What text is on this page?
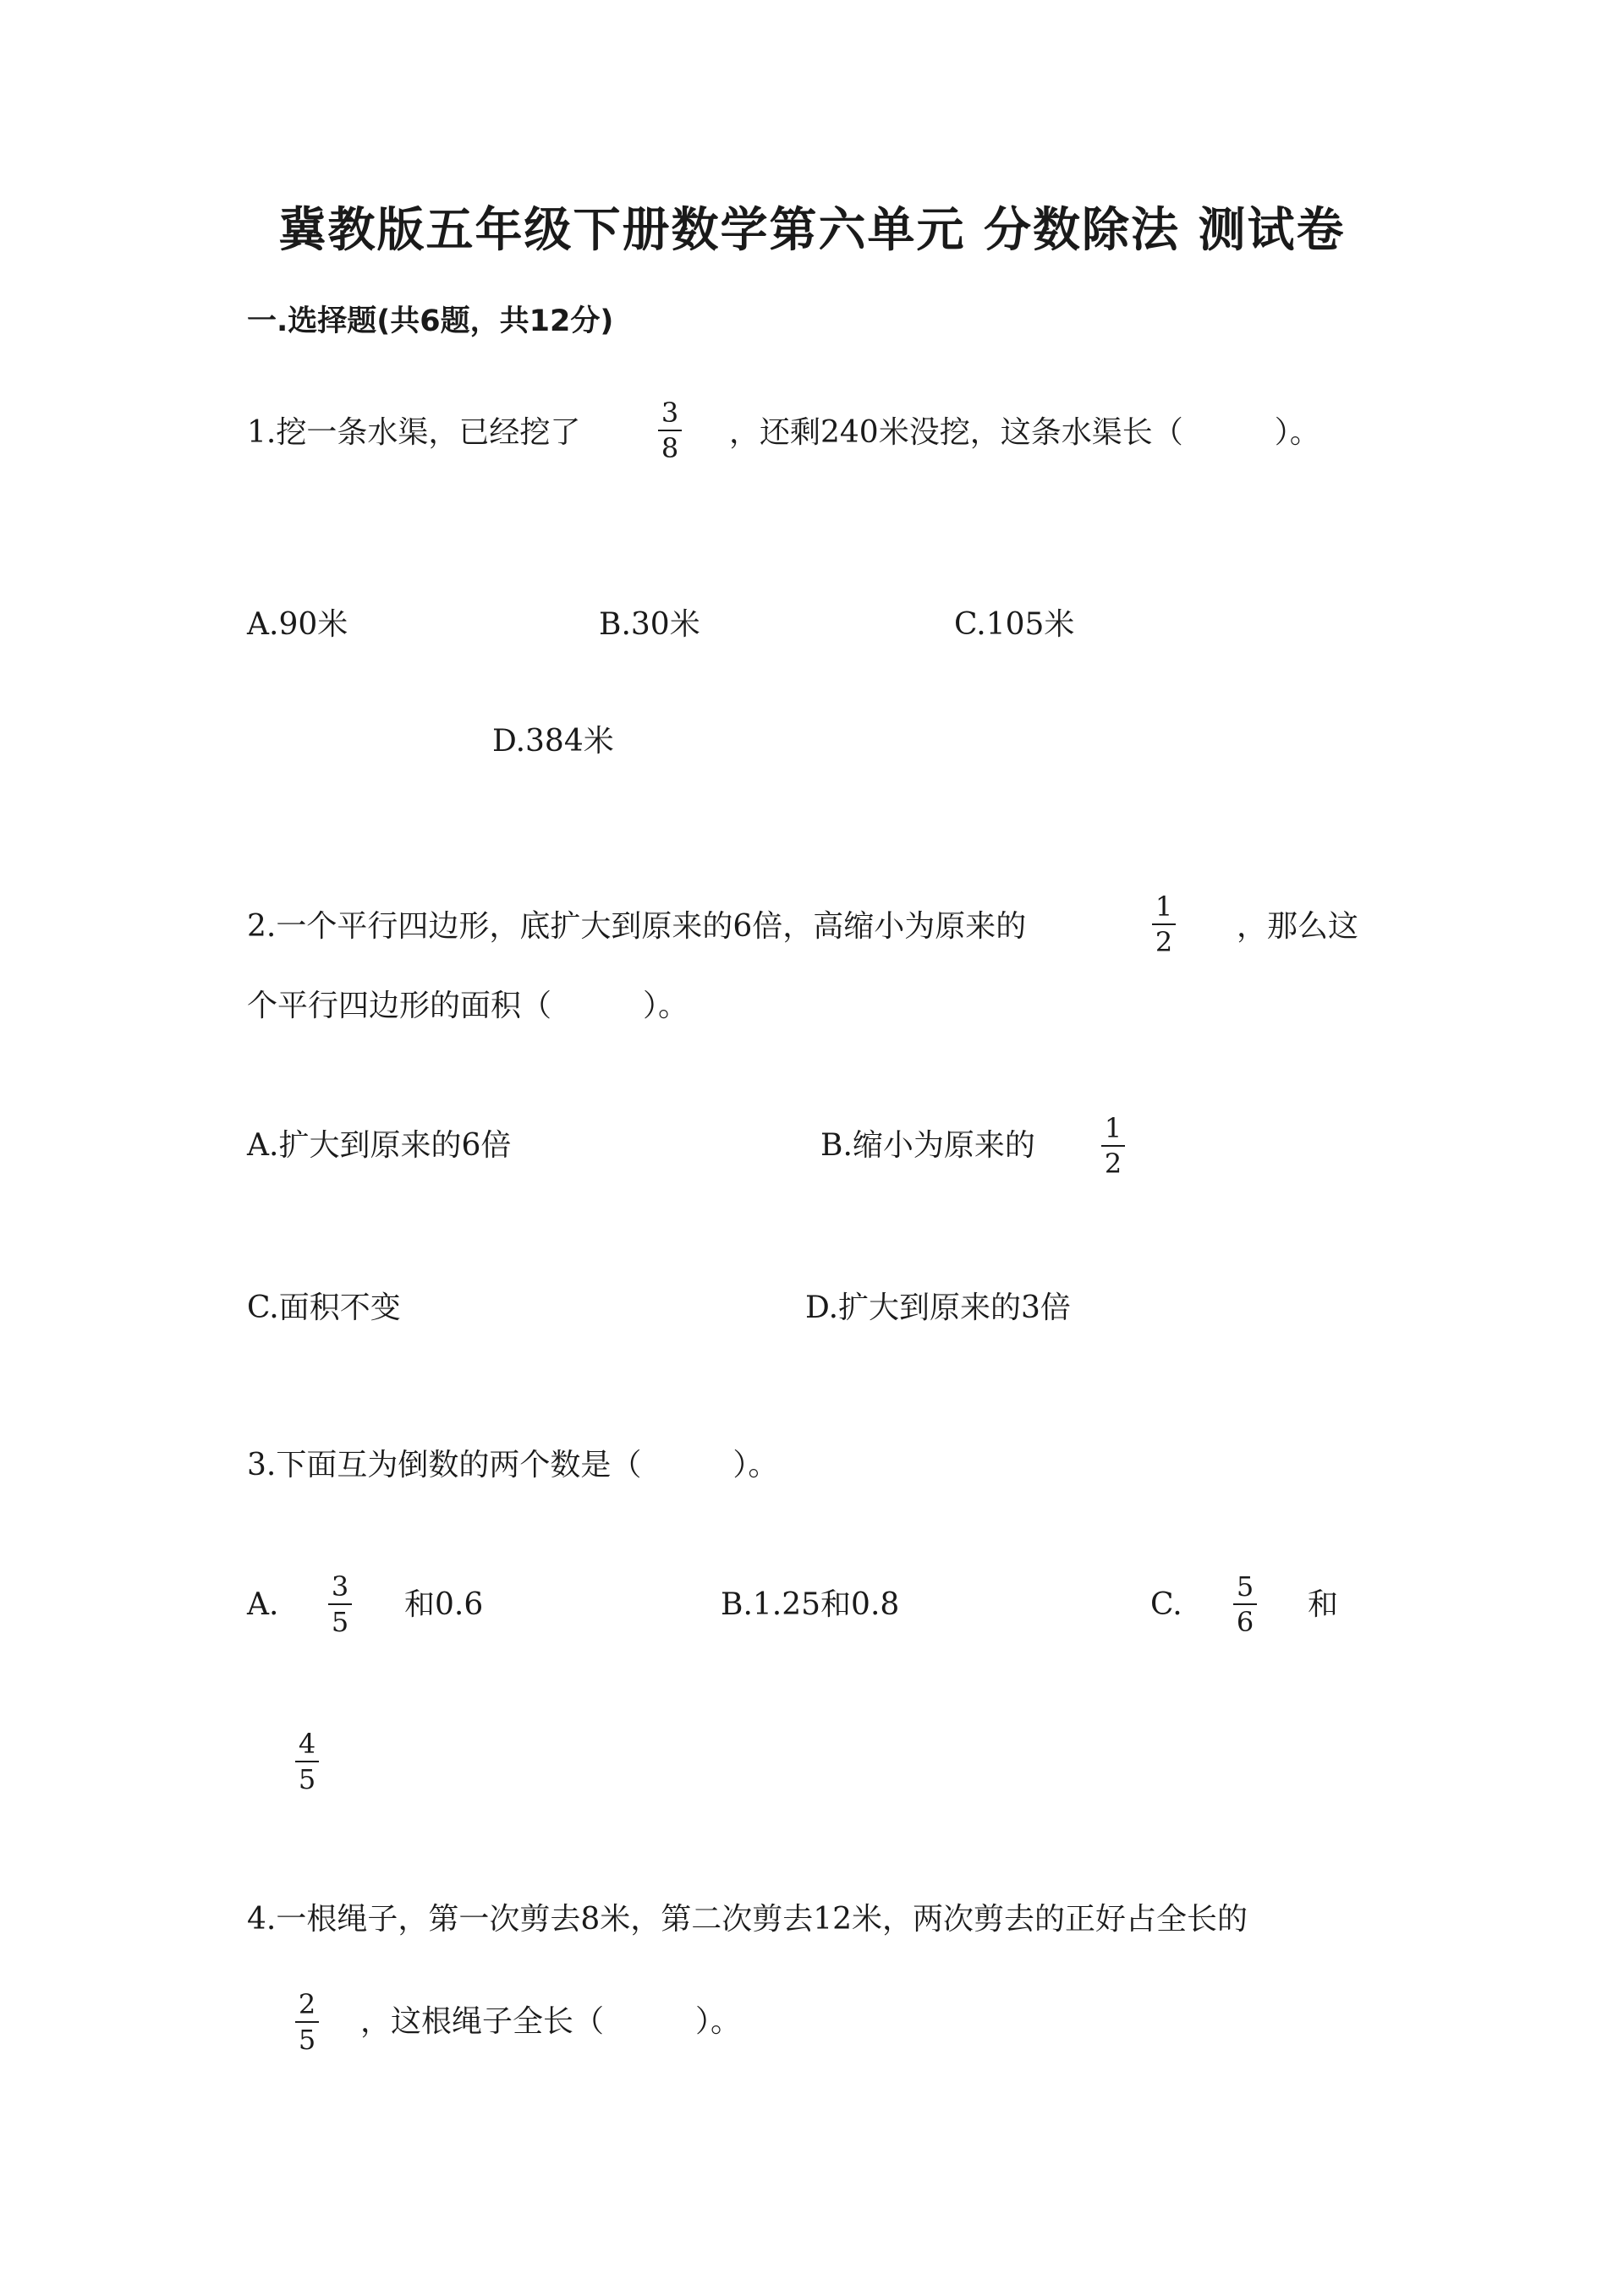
冀教版五年级下册数学第六单元 分数除法 测试卷
一.选择题(共6题，共12分)
1.挖一条水渠，已经挖了
3
8 ，还剩240米没挖，这条水渠长（　　　）。
A.90米	B.30米	C.105米
D.384米
2.一个平行四边形，底扩大到原来的6倍，高缩小为原来的
1
2 ，那么这
个平行四边形的面积（　　　）。
A.扩大到原来的6倍	B.缩小为原来的	1
2
C.面积不变	D.扩大到原来的3倍
3.下面互为倒数的两个数是（　　　）。
A.
3
5 和0.6	B.1.25和0.8	C.
5
6 和
4
5
4.一根绳子，第一次剪去8米，第二次剪去12米，两次剪去的正好占全长的
2
5
，这根绳子全长（　　　）。
